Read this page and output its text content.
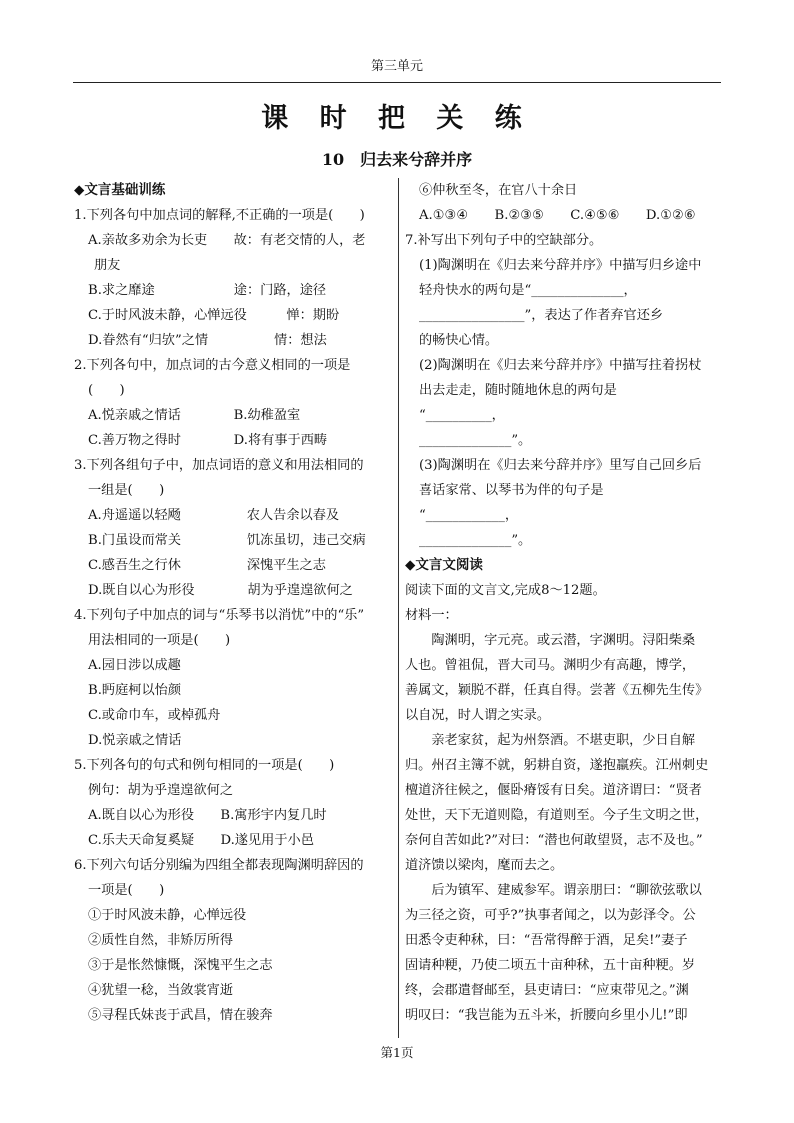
第三单元
课 时 把 关 练
10　归去来兮辞并序
◆文言基础训练
1.下列各句中加点词的解释,不正确的一项是(　　)
A.亲故多劝余为长吏　　故：有老交情的人，老
朋友
B.求之靡途　　　　　　途：门路，途径
C.于时风波未静，心惮远役　　　惮：期盼
D.眷然有“归欤”之情　　　　　情：想法
2.下列各句中，加点词的古今意义相同的一项是
(　　)
A.悦亲戚之情话　　　　B.幼稚盈室
C.善万物之得时　　　　D.将有事于西畴
3.下列各组句子中，加点词语的意义和用法相同的
一组是(　　)
A.舟遥遥以轻飏　　　　　农人告余以春及
B.门虽设而常关　　　　　饥冻虽切，违己交病
C.感吾生之行休　　　　　深愧平生之志
D.既自以心为形役　　　　胡为乎遑遑欲何之
4.下列句子中加点的词与“乐琴书以消忧”中的“乐”
用法相同的一项是(　　)
A.园日涉以成趣
B.眄庭柯以怡颜
C.或命巾车，或棹孤舟
D.悦亲戚之情话
5.下列各句的句式和例句相同的一项是(　　)
例句：胡为乎遑遑欲何之
A.既自以心为形役　　B.寓形宇内复几时
C.乐夫天命复奚疑　　D.遂见用于小邑
6.下列六句话分别编为四组全都表现陶渊明辞因的
一项是(　　)
①于时风波未静，心惮远役
②质性自然，非矫厉所得
③于是怅然慷慨，深愧平生之志
④犹望一稔，当敛裳宵逝
⑤寻程氏妹丧于武昌，情在骏奔
⑥仲秋至冬，在官八十余日
A.①③④　　B.②③⑤　　C.④⑤⑥　　D.①②⑥
7.补写出下列句子中的空缺部分。
(1)陶渊明在《归去来兮辞并序》中描写归乡途中
轻舟快水的两句是“______________，
________________”，表达了作者弃官还乡
的畅快心情。
(2)陶渊明在《归去来兮辞并序》中描写拄着拐杖
出去走走，随时随地休息的两句是
“__________，
______________”。
(3)陶渊明在《归去来兮辞并序》里写自己回乡后
喜话家常、以琴书为伴的句子是
“____________，
______________”。
◆文言文阅读
阅读下面的文言文,完成8～12题。
材料一：
　　陶渊明，字元亮。或云潜，字渊明。浔阳柴桑
人也。曾祖侃，晋大司马。渊明少有高趣，博学，
善属文，颖脱不群，任真自得。尝著《五柳先生传》
以自况，时人谓之实录。
　　亲老家贫，起为州祭酒。不堪吏职，少日自解
归。州召主簿不就，躬耕自资，遂抱羸疾。江州刺史
檀道济往候之，偃卧瘠馁有日矣。道济谓曰：“贤者
处世，天下无道则隐，有道则至。今子生文明之世，
奈何自苦如此?”对曰：“潜也何敢望贤，志不及也。”
道济馈以梁肉，麾而去之。
　　后为镇军、建威参军。谓亲朋曰：“聊欲弦歌以
为三径之资，可乎?”执事者闻之，以为彭泽令。公
田悉令吏种秫，曰：“吾常得醉于酒，足矣!”妻子
固请种粳，乃使二顷五十亩种秫，五十亩种粳。岁
终，会郡遣督邮至，县吏请曰：“应束带见之。”渊
明叹曰：“我岂能为五斗米，折腰向乡里小儿!”即
第1页
